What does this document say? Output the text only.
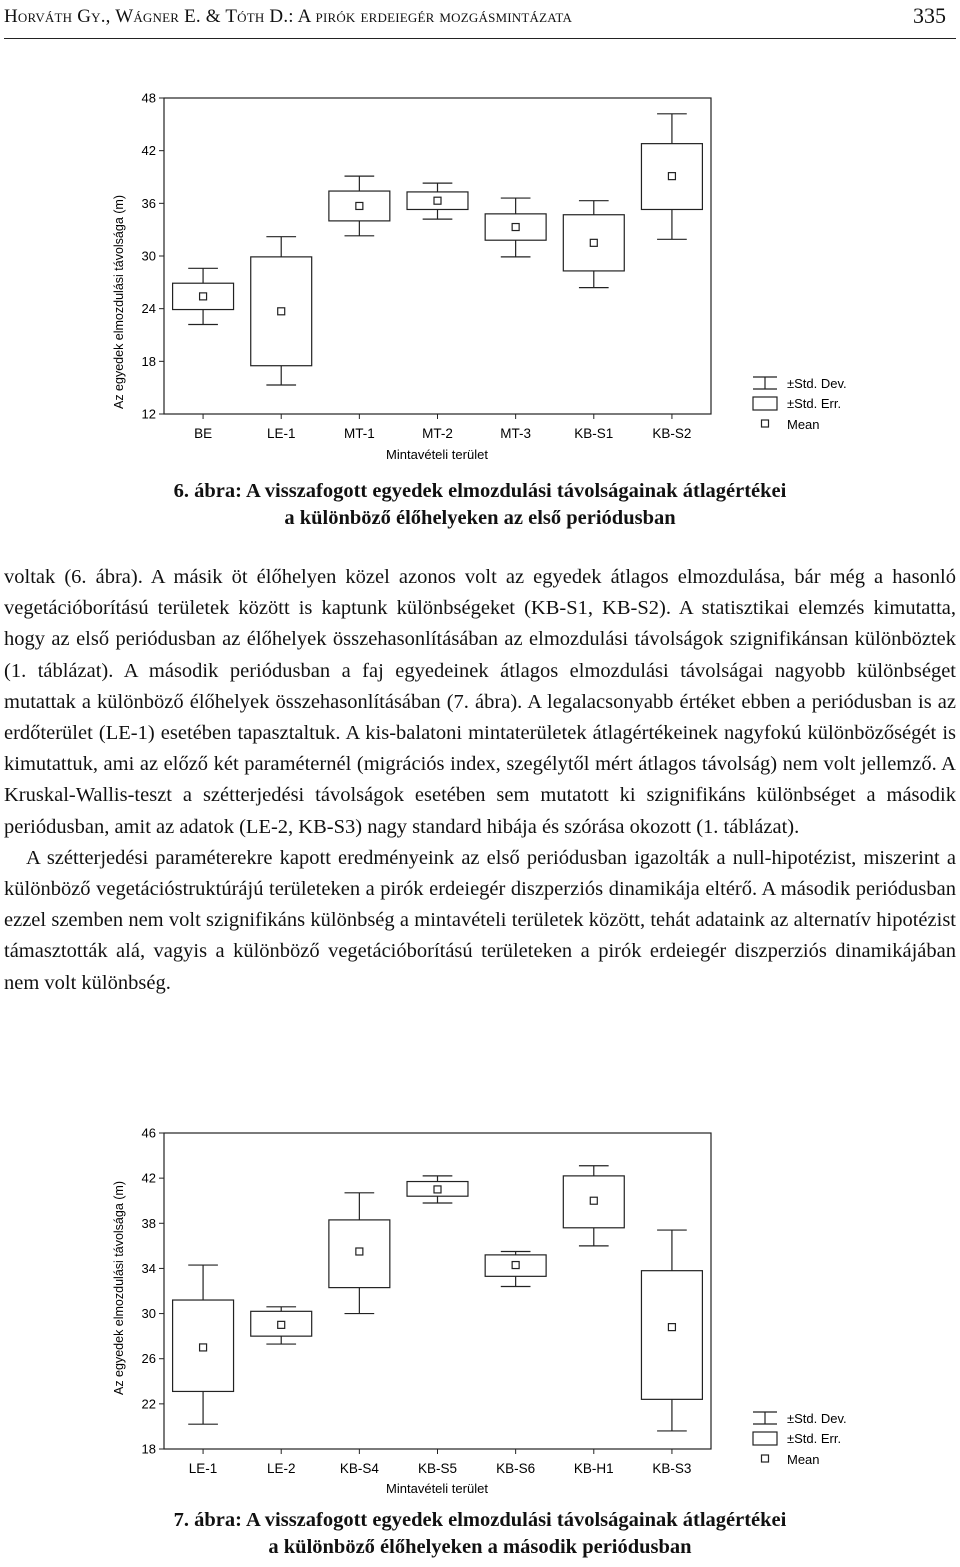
Horváth Gy., Wágner E. & Tóth D.: A pirók erdeiegér mozgásmintázata	335
Az egyedek elmozdulási távolsága (m)
Mintavételi terület
12
18
24
30
36
42
48
BE	LE-1	MT-1	MT-2	MT-3	KB-S1	KB-S2
±Std. Dev.
±Std. Err.
Mean
6. ábra: A visszafogott egyedek elmozdulási távolságainak átlagértékei
a különböző élőhelyeken az első periódusban

voltak (6. ábra). A másik öt élőhelyen közel azonos volt az egyedek átlagos elmozdulása, bár még a hasonló vegetációborítású területek között is kaptunk különbségeket (KB-S1, KB-S2). A statisztikai elemzés kimutatta, hogy az első periódusban az élőhelyek összehasonlításában az elmozdulási távolságok szignifikánsan különböztek (1. táblázat). A második periódusban a faj egyedeinek átlagos elmozdulási távolságai nagyobb különbséget mutattak a különböző élőhelyek összehasonlításában (7. ábra). A legalacsonyabb értéket ebben a periódusban is az erdőterület (LE-1) esetében tapasztaltuk. A kis-balatoni mintaterületek átlagértékeinek nagyfokú különbözőségét is kimutattuk, ami az előző két paraméternél (migrációs index, szegélytől mért átlagos távolság) nem volt jellemző. A Kruskal-Wallis-teszt a szétterjedési távolságok esetében sem mutatott ki szignifikáns különbséget a második periódusban, amit az adatok (LE-2, KB-S3) nagy standard hibája és szórása okozott (1. táblázat).

A szétterjedési paraméterekre kapott eredményeink az első periódusban igazolták a null-hipotézist, miszerint a különböző vegetációstruktúrájú területeken a pirók erdeiegér diszperziós dinamikája eltérő. A második periódusban ezzel szemben nem volt szignifikáns különbség a mintavételi területek között, tehát adataink az alternatív hipotézist támasztották alá, vagyis a különböző vegetációborítású területeken a pirók erdeiegér diszperziós dinamikájában nem volt különbség.

Az egyedek elmozdulási távolsága (m)
Mintavételi terület
18
22
26
30
34
38
42
46
LE-1	LE-2	KB-S4	KB-S5	KB-S6	KB-H1	KB-S3
±Std. Dev.
±Std. Err.
Mean
7. ábra: A visszafogott egyedek elmozdulási távolságainak átlagértékei
a különböző élőhelyeken a második periódusban
